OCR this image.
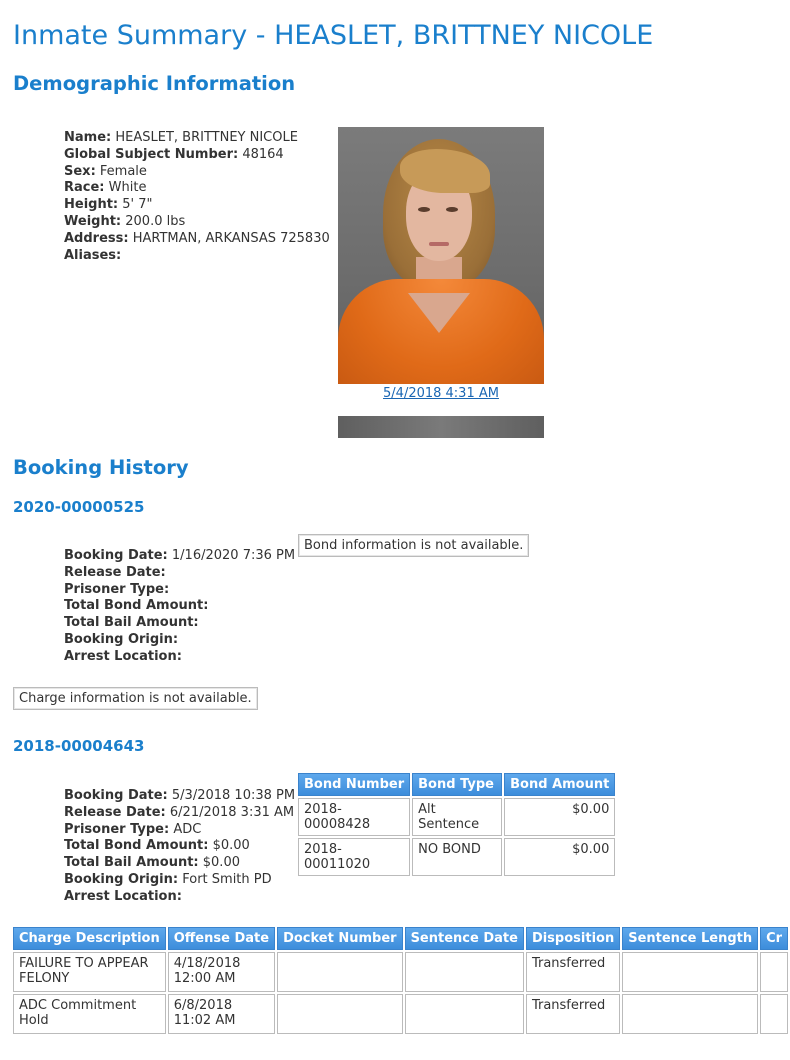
Inmate Summary - HEASLET, BRITTNEY NICOLE
Demographic Information
Name: HEASLET, BRITTNEY NICOLE
Global Subject Number: 48164
Sex: Female
Race: White
Height: 5' 7"
Weight: 200.0 lbs
Address: HARTMAN, ARKANSAS 725830
Aliases:
5/4/2018 4:31 AM
Booking History
2020-00000525
Booking Date: 1/16/2020 7:36 PM
Release Date:
Prisoner Type:
Total Bond Amount:
Total Bail Amount:
Booking Origin:
Arrest Location:
Bond information is not available.
Charge information is not available.
2018-00004643
Booking Date: 5/3/2018 10:38 PM
Release Date: 6/21/2018 3:31 AM
Prisoner Type: ADC
Total Bond Amount: $0.00
Total Bail Amount: $0.00
Booking Origin: Fort Smith PD
Arrest Location:
Bond Number	Bond Type	Bond Amount
2018-00008428	Alt Sentence	$0.00
2018-00011020	NO BOND	$0.00
Charge Description	Offense Date	Docket Number	Sentence Date	Disposition	Sentence Length	Cr
FAILURE TO APPEAR FELONY	4/18/2018 12:00 AM			Transferred		
ADC Commitment Hold	6/8/2018 11:02 AM			Transferred		
